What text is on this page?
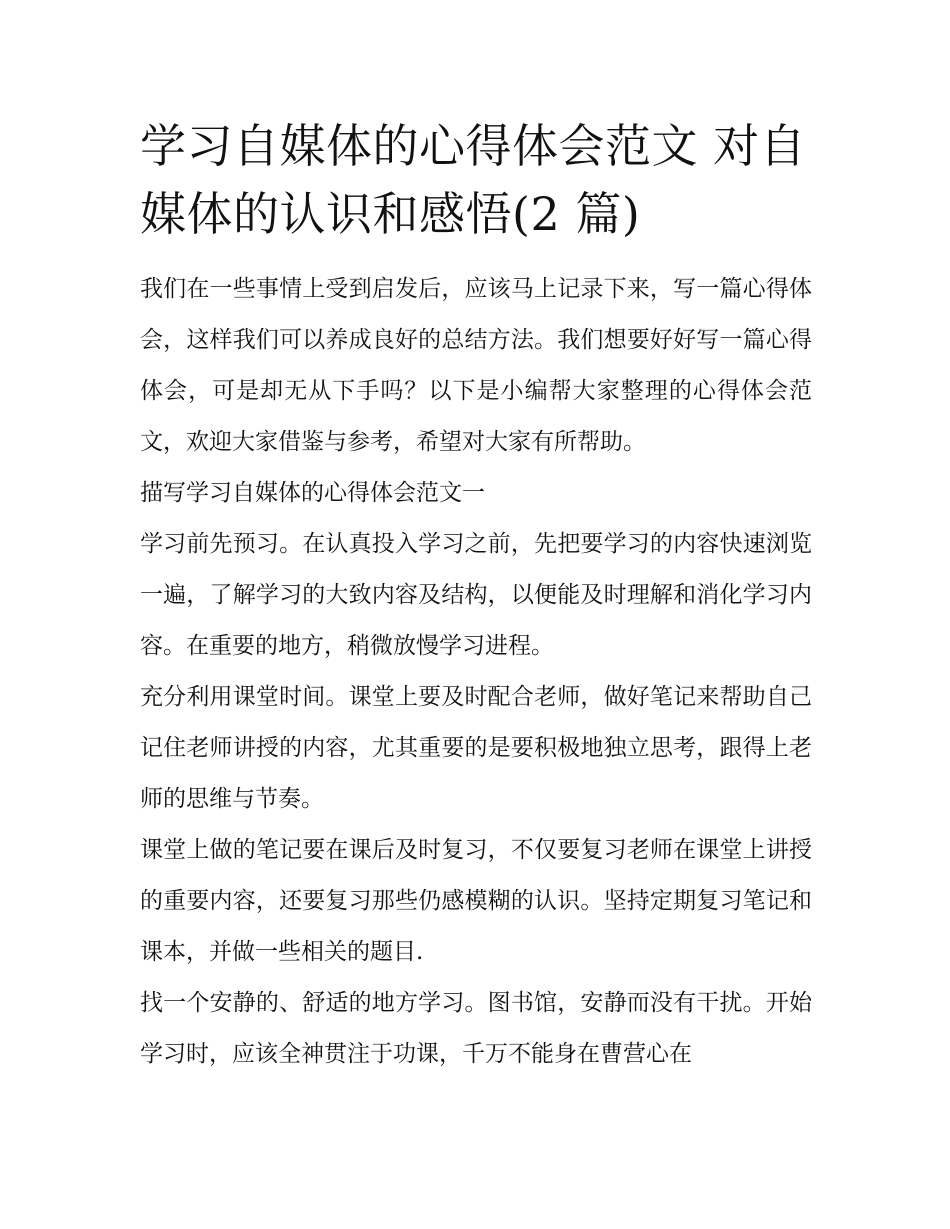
学习自媒体的心得体会范文 对自媒体的认识和感悟(2 篇)

我们在一些事情上受到启发后，应该马上记录下来，写一篇心得体会，这样我们可以养成良好的总结方法。我们想要好好写一篇心得体会，可是却无从下手吗？以下是小编帮大家整理的心得体会范文，欢迎大家借鉴与参考，希望对大家有所帮助。

描写学习自媒体的心得体会范文一

学习前先预习。在认真投入学习之前，先把要学习的内容快速浏览一遍，了解学习的大致内容及结构，以便能及时理解和消化学习内容。在重要的地方，稍微放慢学习进程。

充分利用课堂时间。课堂上要及时配合老师，做好笔记来帮助自己记住老师讲授的内容，尤其重要的是要积极地独立思考，跟得上老师的思维与节奏。

课堂上做的笔记要在课后及时复习，不仅要复习老师在课堂上讲授的重要内容，还要复习那些仍感模糊的认识。坚持定期复习笔记和课本，并做一些相关的题目.

找一个安静的、舒适的地方学习。图书馆，安静而没有干扰。开始学习时，应该全神贯注于功课，千万不能身在曹营心在
